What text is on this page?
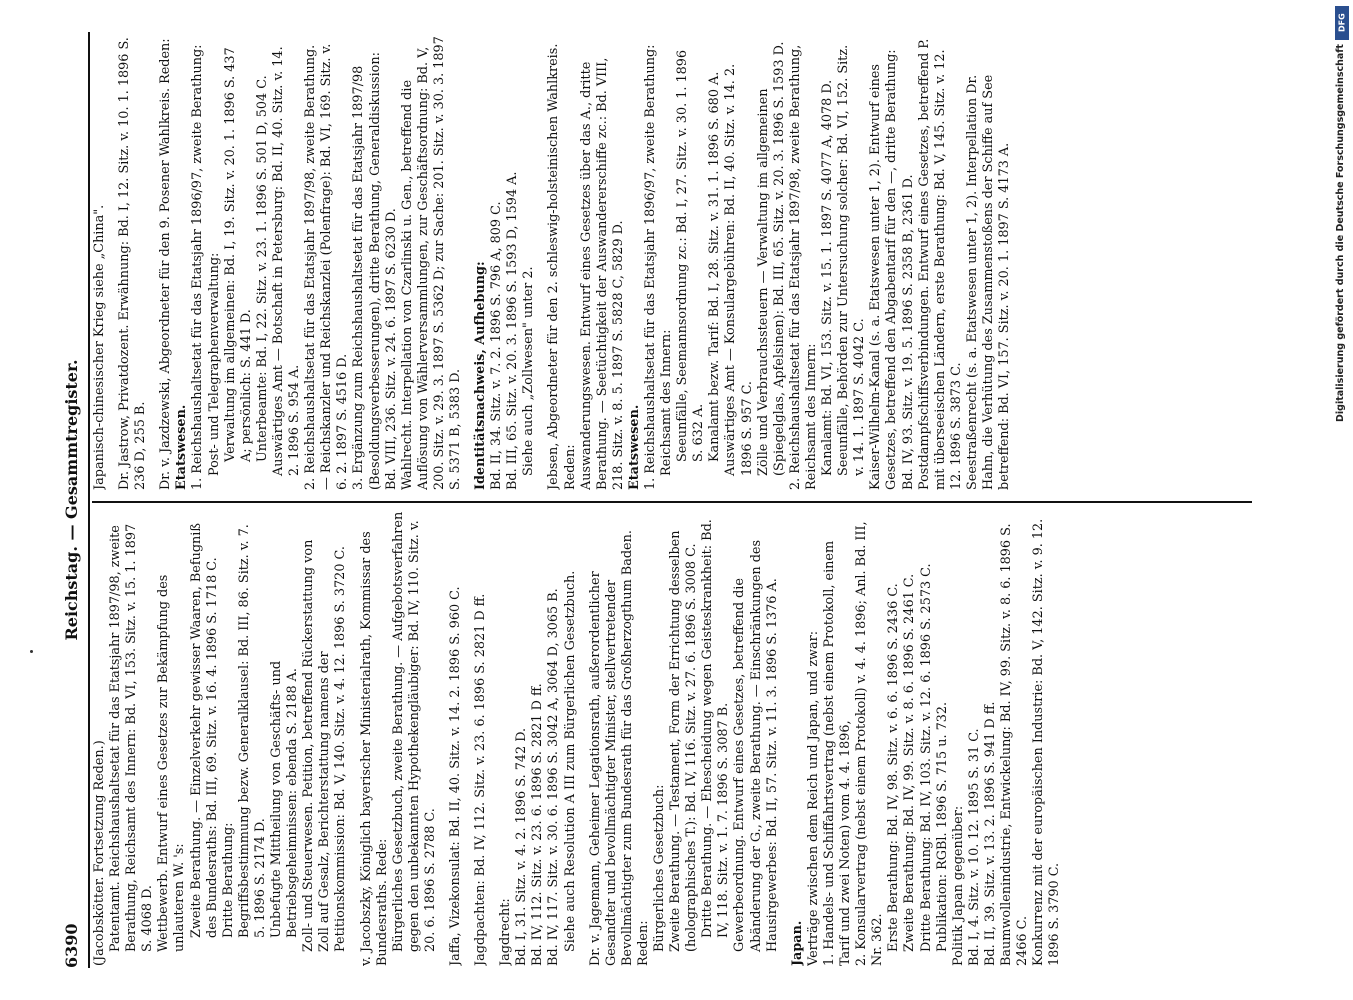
6390
Reichstag. — Gesammtregister.

(Jacobskötter. Fortsetzung Reden.) Patentamt. Reichshaushaltsetat für das Etatsjahr 1897/98, zweite Berathung, Reichsamt des Innern: Bd. VI, 153. Sitz. v. 15. 1. 1897 S. 4068 D. Wettbewerb. Entwurf eines Gesetzes zur Bekämpfung des unlauteren W. 's: Zweite Berathung. — Einzelverkehr gewisser Waaren, Befugniß des Bundesraths: Bd. III, 69. Sitz. v. 16. 4. 1896 S. 1718 C. Dritte Berathung: Begriffsbestimmung bezw. Generalklausel: Bd. III, 86. Sitz. v. 7. 5. 1896 S. 2174 D. Unbefugte Mittheilung von Geschäfts- und Betriebsgeheimnissen: ebenda S. 2188 A. Zoll- und Steuerwesen. Petition, betreffend Rückerstattung von Zoll auf Gesalz, Berichterstattung namens der Petitionskommission: Bd. V, 140. Sitz. v. 4. 12. 1896 S. 3720 C. v. Jacobszky, Königlich bayerischer Ministerialrath, Kommissar des Bundesraths. Rede: Bürgerliches Gesetzbuch, zweite Berathung. — Aufgebotsverfahren gegen den unbekannten Hypothekengläubiger: Bd. IV, 110. Sitz. v. 20. 6. 1896 S. 2788 C. Jaffa, Vizekonsulat: Bd. II, 40. Sitz. v. 14. 2. 1896 S. 960 C. Jagdpachten: Bd. IV, 112. Sitz. v. 23. 6. 1896 S. 2821 D ff. Jagdrecht: Bd. I, 31. Sitz. v. 4. 2. 1896 S. 742 D. Bd. IV, 112. Sitz. v. 23. 6. 1896 S. 2821 D ff. Bd. IV, 117. Sitz. v. 30. 6. 1896 S. 3042 A, 3064 D, 3065 B. Siehe auch Resolution A III zum Bürgerlichen Gesetzbuch. Dr. v. Jagemann, Geheimer Legationsrath, außerordentlicher Gesandter und bevollmächtigter Minister, stellvertretender Bevollmächtigter zum Bundesrath für das Großherzogthum Baden. Reden: Bürgerliches Gesetzbuch: Zweite Berathung. — Testament, Form der Errichtung desselben (holographisches T.): Bd. IV, 116. Sitz. v. 27. 6. 1896 S. 3008 C. Dritte Berathung. — Ehescheidung wegen Geisteskrankheit: Bd. IV, 118. Sitz. v. 1. 7. 1896 S. 3087 B. Gewerbeordnung. Entwurf eines Gesetzes, betreffend die Abänderung der G., zweite Berathung. — Einschränkungen des Hausirgewerbes: Bd. II, 57. Sitz. v. 11. 3. 1896 S. 1376 A. Japan. Verträge zwischen dem Reich und Japan, und zwar: 1. Handels- und Schiffahrtsvertrag (nebst einem Protokoll, einem Tarif und zwei Noten) vom 4. 4. 1896, 2. Konsularvertrag (nebst einem Protokoll) v. 4. 4. 1896; Anl. Bd. III, Nr. 362. Erste Berathung: Bd. IV, 98. Sitz. v. 6. 6. 1896 S. 2436 C. Zweite Berathung: Bd. IV, 99. Sitz. v. 8. 6. 1896 S. 2461 C. Dritte Berathung: Bd. IV, 103. Sitz. v. 12. 6. 1896 S. 2573 C. Publikation: RGBl. 1896 S. 715 u. 732. Politik Japan gegenüber: Bd. I, 4. Sitz. v. 10. 12. 1895 S. 31 C. Bd. II, 39. Sitz. v. 13. 2. 1896 S. 941 D ff. Baumwollenindustrie, Entwickelung: Bd. IV, 99. Sitz. v. 8. 6. 1896 S. 2466 C. Konkurrenz mit der europäischen Industrie: Bd. V, 142. Sitz. v. 9. 12. 1896 S. 3790 C.

Japanisch-chinesischer Krieg siehe „China". Dr. Jastrow, Privatdozent. Erwähnung: Bd. I, 12. Sitz. v. 10. 1. 1896 S. 236 D, 255 B. Dr. v. Jazdzewski, Abgeordneter für den 9. Posener Wahlkreis. Reden: Etatswesen. 1. Reichshaushaltsetat für das Etatsjahr 1896/97, zweite Berathung: Post- und Telegraphenverwaltung: Verwaltung im allgemeinen: Bd. I, 19. Sitz. v. 20. 1. 1896 S. 437 A; persönlich: S. 441 D. Unterbeamte: Bd. I, 22. Sitz. v. 23. 1. 1896 S. 501 D, 504 C. Auswärtiges Amt — Botschaft in Petersburg: Bd. II, 40. Sitz. v. 14. 2. 1896 S. 954 A. 2. Reichshaushaltsetat für das Etatsjahr 1897/98, zweite Berathung. — Reichskanzler und Reichskanzlei (Polenfrage): Bd. VI, 169. Sitz. v. 6. 2. 1897 S. 4516 D. 3. Ergänzung zum Reichshaushaltsetat für das Etatsjahr 1897/98 (Besoldungsverbesserungen), dritte Berathung, Generaldiskussion: Bd. VIII, 236. Sitz. v. 24. 6. 1897 S. 6230 D. Wahlrecht. Interpellation von Czarlinski u. Gen., betreffend die Auflösung von Wählerversammlungen, zur Geschäftsordnung: Bd. V, 200. Sitz. v. 29. 3. 1897 S. 5362 D; zur Sache: 201. Sitz. v. 30. 3. 1897 S. 5371 B, 5383 D. Identitätsnachweis, Aufhebung: Bd. II, 34. Sitz. v. 7. 2. 1896 S. 796 A, 809 C. Bd. III, 65. Sitz. v. 20. 3. 1896 S. 1593 D, 1594 A. Siehe auch „Zollwesen" unter 2. Jebsen, Abgeordneter für den 2. schleswig-holsteinischen Wahlkreis. Reden: Auswanderungswesen. Entwurf eines Gesetzes über das A., dritte Berathung. — Seetüchtigkeit der Auswandererschiffe zc.: Bd. VIII, 218. Sitz. v. 8. 5. 1897 S. 5828 C, 5829 D. Etatswesen. 1. Reichshaushaltsetat für das Etatsjahr 1896/97, zweite Berathung: Reichsamt des Innern: Seeunfälle, Seemannsordnung zc.: Bd. I, 27. Sitz. v. 30. 1. 1896 S. 632 A. Kanalamt bezw. Tarif: Bd. I, 28. Sitz. v. 31. 1. 1896 S. 680 A. Auswärtiges Amt — Konsulargebühren: Bd. II, 40. Sitz. v. 14. 2. 1896 S. 957 C. Zölle und Verbrauchssteuern — Verwaltung im allgemeinen (Spiegelglas, Apfelsinen): Bd. III, 65. Sitz. v. 20. 3. 1896 S. 1593 D. 2. Reichshaushaltsetat für das Etatsjahr 1897/98, zweite Berathung, Reichsamt des Innern: Kanalamt: Bd. VI, 153. Sitz. v. 15. 1. 1897 S. 4077 A, 4078 D. Seeunfälle, Behörden zur Untersuchung solcher: Bd. VI, 152. Sitz. v. 14. 1. 1897 S. 4042 C. Kaiser-Wilhelm-Kanal (s. a. Etatswesen unter 1, 2). Entwurf eines Gesetzes, betreffend den Abgabentarif für den —, dritte Berathung: Bd. IV, 93. Sitz. v. 19. 5. 1896 S. 2358 B, 2361 D. Postdampfschiffsverbindungen. Entwurf eines Gesetzes, betreffend P. mit überseeischen Ländern, erste Berathung: Bd. V, 145. Sitz. v. 12. 12. 1896 S. 3873 C. Seestraßenrecht (s. a. Etatswesen unter 1, 2). Interpellation Dr. Hahn, die Verhütung des Zusammenstoßens der Schiffe auf See betreffend: Bd. VI, 157. Sitz. v. 20. 1. 1897 S. 4173 A.

DFG
Digitalisierung gefördert durch die Deutsche Forschungsgemeinschaft
